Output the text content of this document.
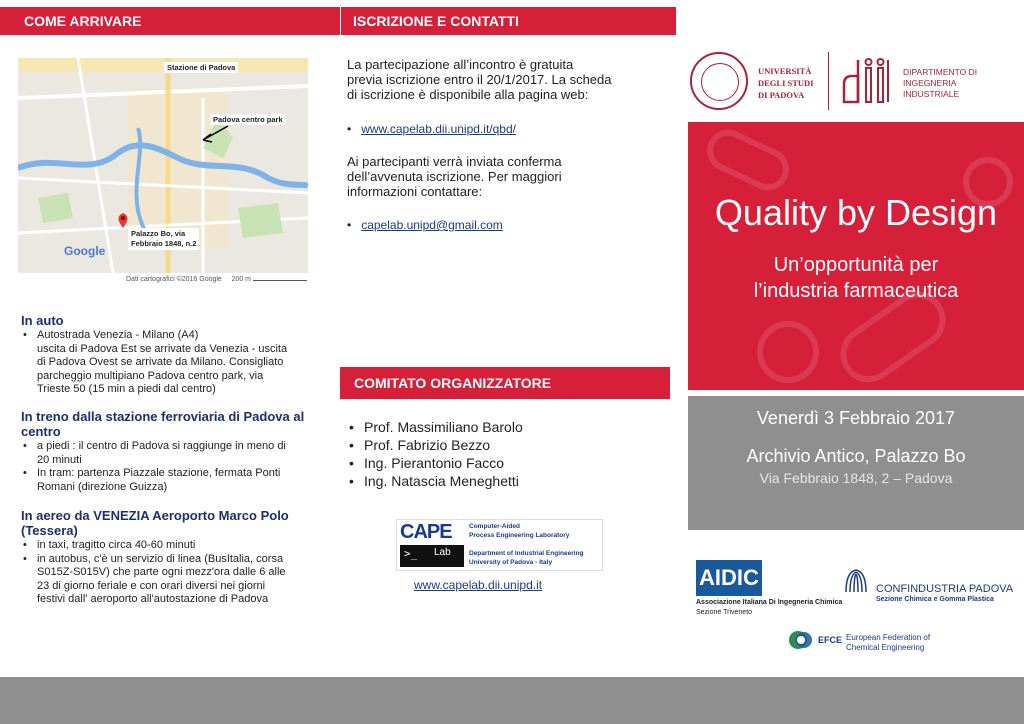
COME ARRIVARE	ISCRIZIONE E CONTATTI
Stazione di Padova
Padova centro park
Palazzo Bo, via
Febbraio 1848, n.2
Google
Dati cartografici ©2016 Google 200 m
In auto
• Autostrada Venezia - Milano (A4)
uscita di Padova Est se arrivate da Venezia - uscita
di Padova Ovest se arrivate da Milano. Consigliato
parcheggio multipiano Padova centro park, via
Trieste 50 (15 min a piedi dal centro)
In treno dalla stazione ferroviaria di Padova al
centro
• a piedi : il centro di Padova si raggiunge in meno di
20 minuti
• In tram: partenza Piazzale stazione, fermata Ponti
Romani (direzione Guizza)
In aereo da VENEZIA Aeroporto Marco Polo
(Tessera)
• in taxi, tragitto circa 40-60 minuti
• in autobus, c'è un servizio di linea (BusItalia, corsa
S015Z-S015V) che parte ogni mezz'ora dalle 6 alle
23 di giorno feriale e con orari diversi nei giorni
festivi dall' aeroporto all'autostazione di Padova
La partecipazione all’incontro è gratuita
previa iscrizione entro il 20/1/2017. La scheda
di iscrizione è disponibile alla pagina web:
• www.capelab.dii.unipd.it/qbd/
Ai partecipanti verrà inviata conferma
dell’avvenuta iscrizione. Per maggiori
informazioni contattare:
• capelab.unipd@gmail.com
COMITATO ORGANIZZATORE
• Prof. Massimiliano Barolo
• Prof. Fabrizio Bezzo
• Ing. Pierantonio Facco
• Ing. Natascia Meneghetti
CAPE
>_	Lab
Computer-Aided
Process Engineering Laboratory
Department of Industrial Engineering
University of Padova - Italy
www.capelab.dii.unipd.it
UNIVERSITÀ
DEGLI STUDI
DI PADOVA
DIPARTIMENTO DI
INGEGNERIA
INDUSTRIALE
Quality by Design
Un’opportunità per
l’industria farmaceutica
Venerdì 3 Febbraio 2017
Archivio Antico, Palazzo Bo
Via Febbraio 1848, 2 – Padova
AIDIC
Associazione Italiana Di Ingegneria Chimica
Sezione Triveneto
CONFINDUSTRIA PADOVA
Sezione Chimica e Gomma Plastica
EFCE European Federation of
Chemical Engineering
